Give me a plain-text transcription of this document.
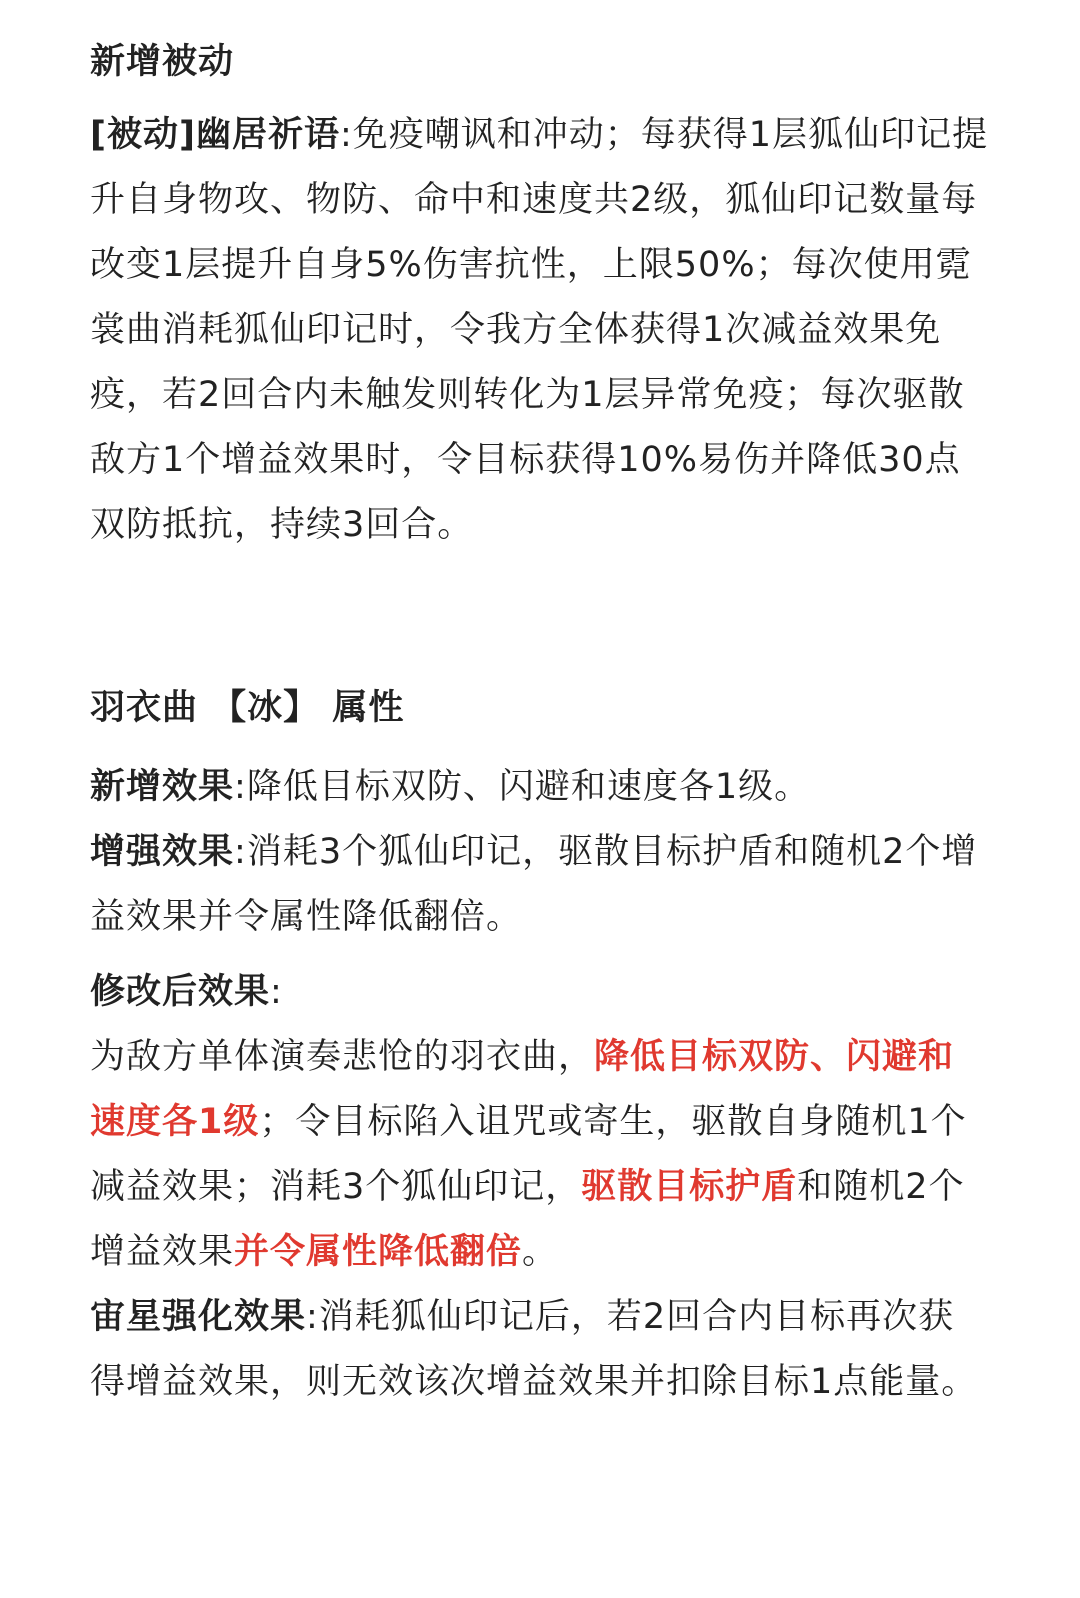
新增被动

[被动]幽居祈语:免疫嘲讽和冲动；每获得1层狐仙印记提升自身物攻、物防、命中和速度共2级，狐仙印记数量每改变1层提升自身5%伤害抗性，上限50%；每次使用霓裳曲消耗狐仙印记时，令我方全体获得1次减益效果免疫，若2回合内未触发则转化为1层异常免疫；每次驱散敌方1个增益效果时，令目标获得10%易伤并降低30点双防抵抗，持续3回合。

羽衣曲 【冰】 属性

新增效果:降低目标双防、闪避和速度各1级。

增强效果:消耗3个狐仙印记，驱散目标护盾和随机2个增益效果并令属性降低翻倍。

修改后效果:

为敌方单体演奏悲怆的羽衣曲，降低目标双防、闪避和速度各1级；令目标陷入诅咒或寄生，驱散自身随机1个减益效果；消耗3个狐仙印记，驱散目标护盾和随机2个增益效果并令属性降低翻倍。

宙星强化效果:消耗狐仙印记后，若2回合内目标再次获得增益效果，则无效该次增益效果并扣除目标1点能量。
